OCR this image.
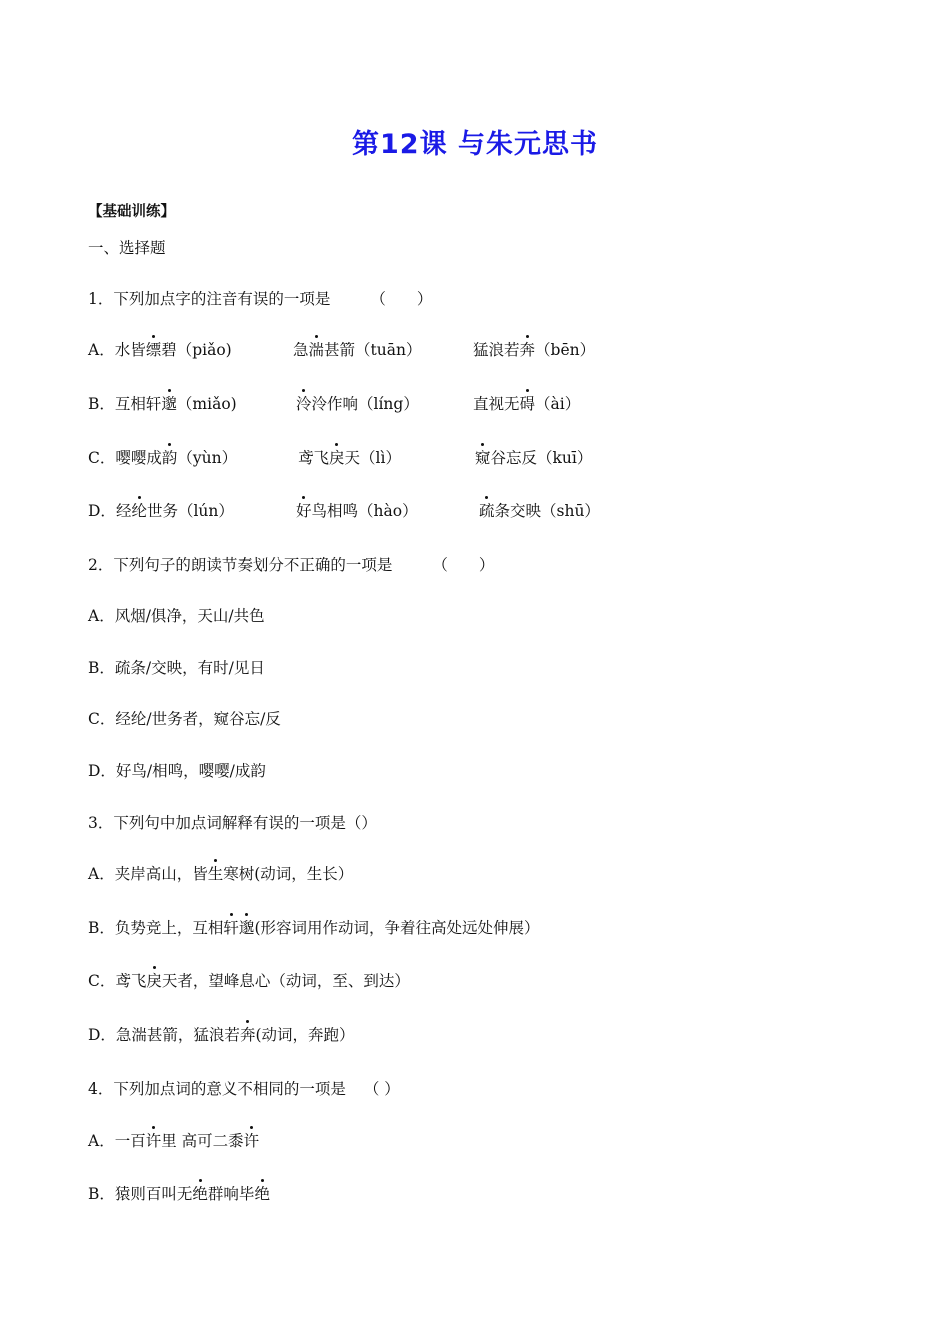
第12课 与朱元思书
【基础训练】
一、选择题
1．下列加点字的注音有误的一项是	（　　）
A．水皆缥碧（piǎo)	急湍甚箭（tuān）	猛浪若奔（bēn）
B．互相轩邈（miǎo)	泠泠作响（líng）	直视无碍（ài）
C．嘤嘤成韵（yùn）	鸢飞戾天（lì）	窥谷忘反（kuī）
D．经纶世务（lún）	好鸟相鸣（hào）	疏条交映（shū）
2．下列句子的朗读节奏划分不正确的一项是	（　　）
A．风烟/俱净，天山/共色
B．疏条/交映，有时/见日
C．经纶/世务者，窥谷忘/反
D．好鸟/相鸣，嘤嘤/成韵
3．下列句中加点词解释有误的一项是（）
A．夹岸高山，皆生寒树(动词，生长）
B．负势竞上，互相轩邈(形容词用作动词，争着往高处远处伸展）
C．鸢飞戾天者，望峰息心（动词，至、到达）
D．急湍甚箭，猛浪若奔(动词，奔跑）
4．下列加点词的意义不相同的一项是 （ ）
A．一百许里 高可二黍许
B．猿则百叫无绝群响毕绝
